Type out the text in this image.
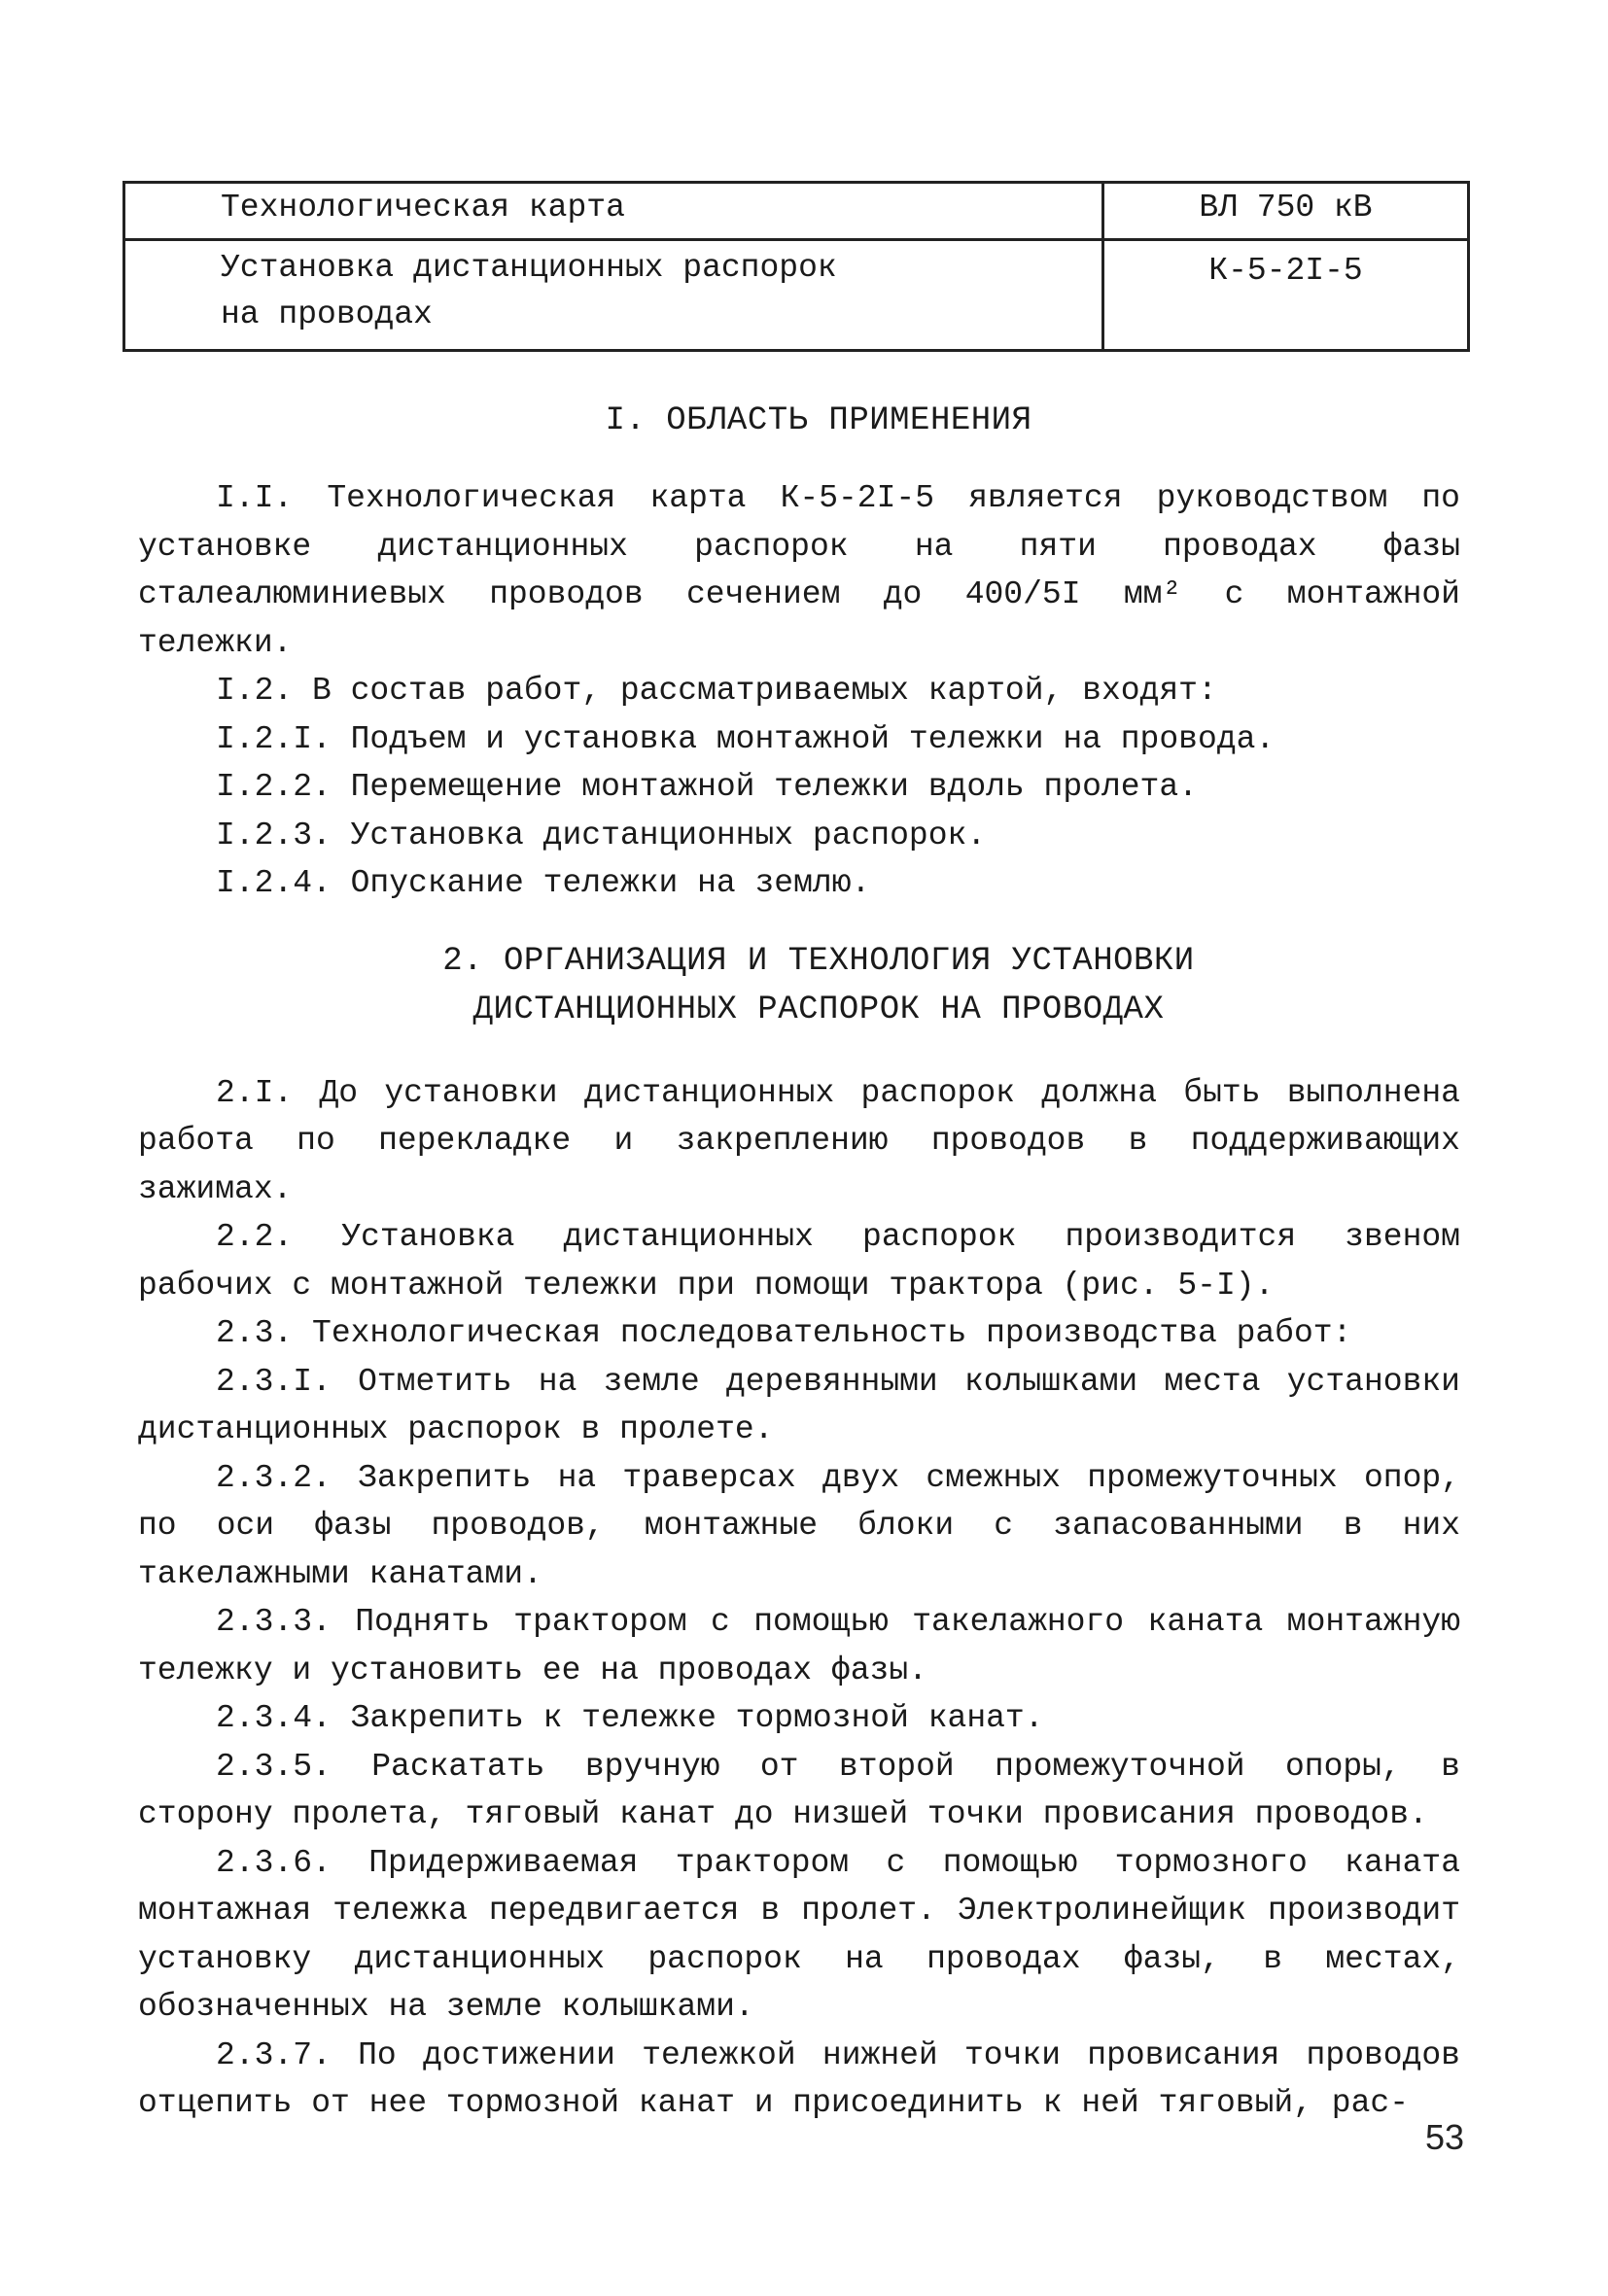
Технологическая карта	ВЛ 750 кВ

Установка дистанционных распорок
на проводах	К-5-2I-5

I. ОБЛАСТЬ ПРИМЕНЕНИЯ

I.I. Технологическая карта К-5-2I-5 является руководством по установке дистанционных распорок на пяти проводах фазы сталеалюминиевых проводов сечением до 400/5I мм² с монтажной тележки.

I.2. В состав работ, рассматриваемых картой, входят:

I.2.I. Подъем и установка монтажной тележки на провода.

I.2.2. Перемещение монтажной тележки вдоль пролета.

I.2.3. Установка дистанционных распорок.

I.2.4. Опускание тележки на землю.

2. ОРГАНИЗАЦИЯ И ТЕХНОЛОГИЯ УСТАНОВКИ
ДИСТАНЦИОННЫХ РАСПОРОК НА ПРОВОДАХ

2.I. До установки дистанционных распорок должна быть выполнена работа по перекладке и закреплению проводов в поддерживающих зажимах.

2.2. Установка дистанционных распорок производится звеном рабочих с монтажной тележки при помощи трактора (рис. 5-I).

2.3. Технологическая последовательность производства работ:

2.3.I. Отметить на земле деревянными колышками места установки дистанционных распорок в пролете.

2.3.2. Закрепить на траверсах двух смежных промежуточных опор, по оси фазы проводов, монтажные блоки с запасованными в них такелажными канатами.

2.3.3. Поднять трактором с помощью такелажного каната монтажную тележку и установить ее на проводах фазы.

2.3.4. Закрепить к тележке тормозной канат.

2.3.5. Раскатать вручную от второй промежуточной опоры, в сторону пролета, тяговый канат до низшей точки провисания проводов.

2.3.6. Придерживаемая трактором с помощью тормозного каната монтажная тележка передвигается в пролет. Электролинейщик производит установку дистанционных распорок на проводах фазы, в местах, обозначенных на земле колышками.

2.3.7. По достижении тележкой нижней точки провисания проводов отцепить от нее тормозной канат и присоединить к ней тяговый, рас-

53
